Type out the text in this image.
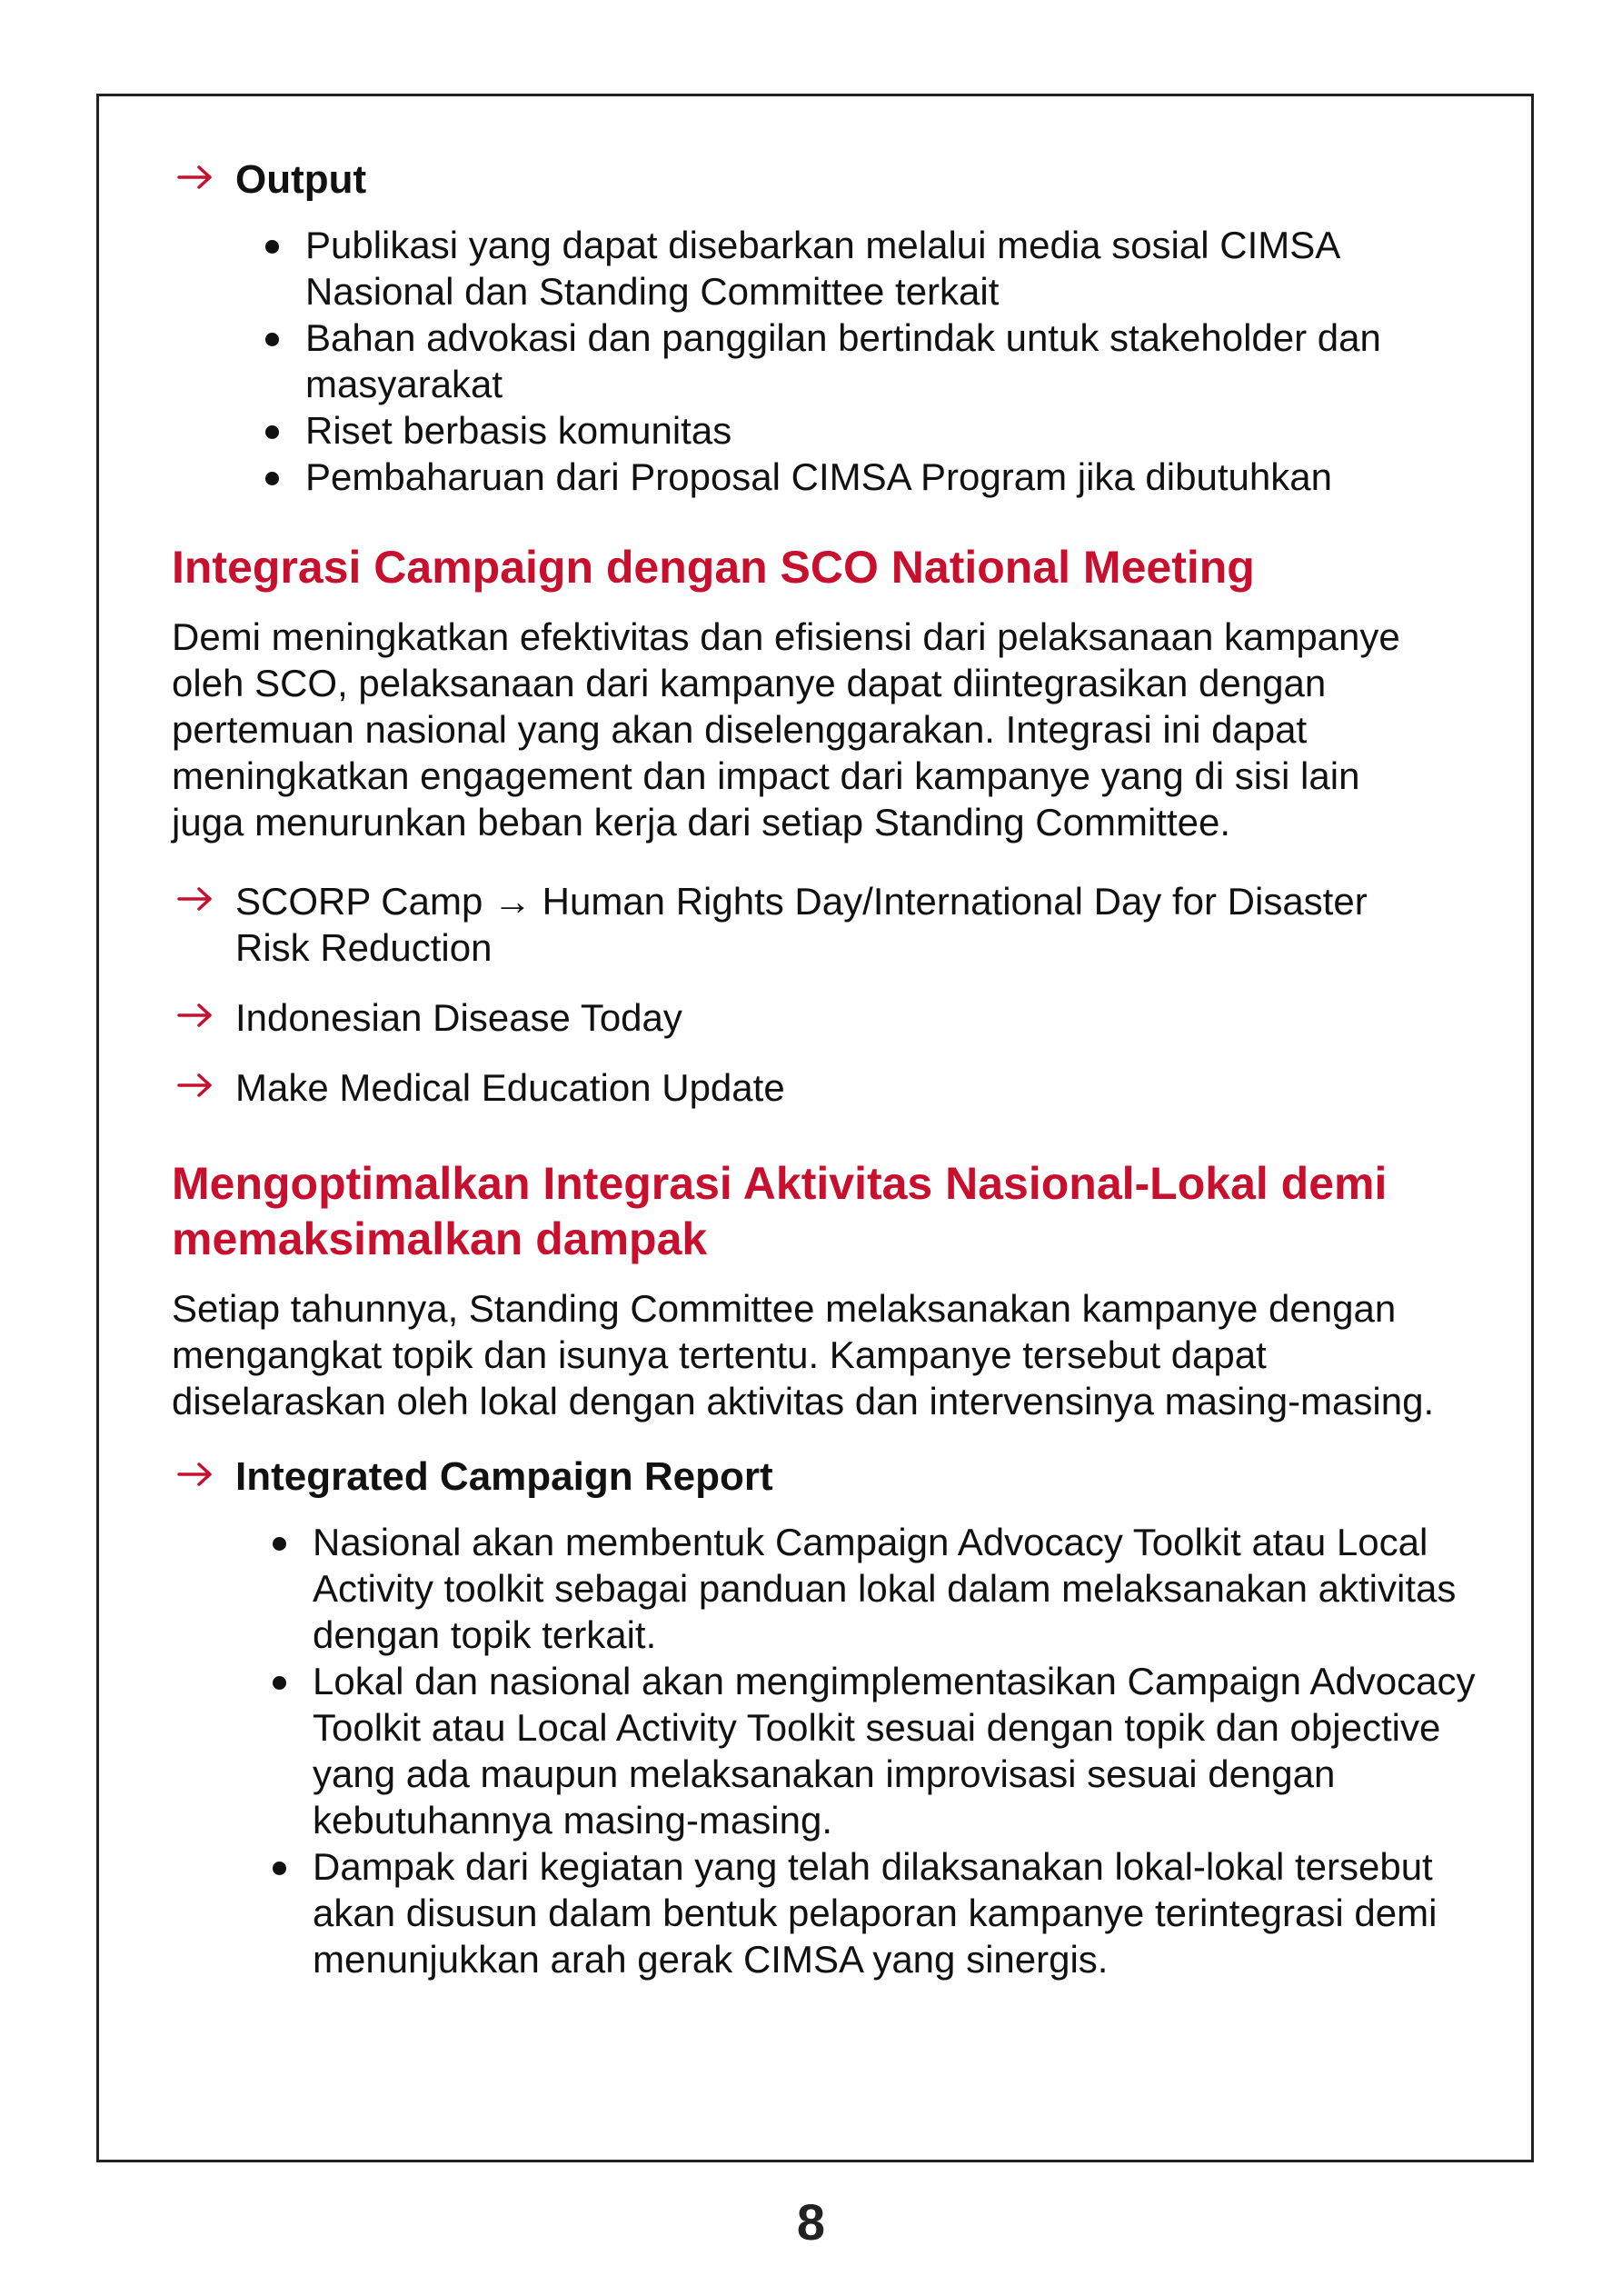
Output
Publikasi yang dapat disebarkan melalui media sosial CIMSA Nasional dan Standing Committee terkait
Bahan advokasi dan panggilan bertindak untuk stakeholder dan masyarakat
Riset berbasis komunitas
Pembaharuan dari Proposal CIMSA Program jika dibutuhkan
Integrasi Campaign dengan SCO National Meeting

Demi meningkatkan efektivitas dan efisiensi dari pelaksanaan kampanye oleh SCO, pelaksanaan dari kampanye dapat diintegrasikan dengan pertemuan nasional yang akan diselenggarakan. Integrasi ini dapat meningkatkan engagement dan impact dari kampanye yang di sisi lain juga menurunkan beban kerja dari setiap Standing Committee.

SCORP Camp → Human Rights Day/International Day for Disaster Risk Reduction
Indonesian Disease Today
Make Medical Education Update
Mengoptimalkan Integrasi Aktivitas Nasional-Lokal demi memaksimalkan dampak

Setiap tahunnya, Standing Committee melaksanakan kampanye dengan mengangkat topik dan isunya tertentu. Kampanye tersebut dapat diselaraskan oleh lokal dengan aktivitas dan intervensinya masing-masing.

Integrated Campaign Report
Nasional akan membentuk Campaign Advocacy Toolkit atau Local Activity toolkit sebagai panduan lokal dalam melaksanakan aktivitas dengan topik terkait.
Lokal dan nasional akan mengimplementasikan Campaign Advocacy Toolkit atau Local Activity Toolkit sesuai dengan topik dan objective yang ada maupun melaksanakan improvisasi sesuai dengan kebutuhannya masing-masing.
Dampak dari kegiatan yang telah dilaksanakan lokal-lokal tersebut akan disusun dalam bentuk pelaporan kampanye terintegrasi demi menunjukkan arah gerak CIMSA yang sinergis.
8
